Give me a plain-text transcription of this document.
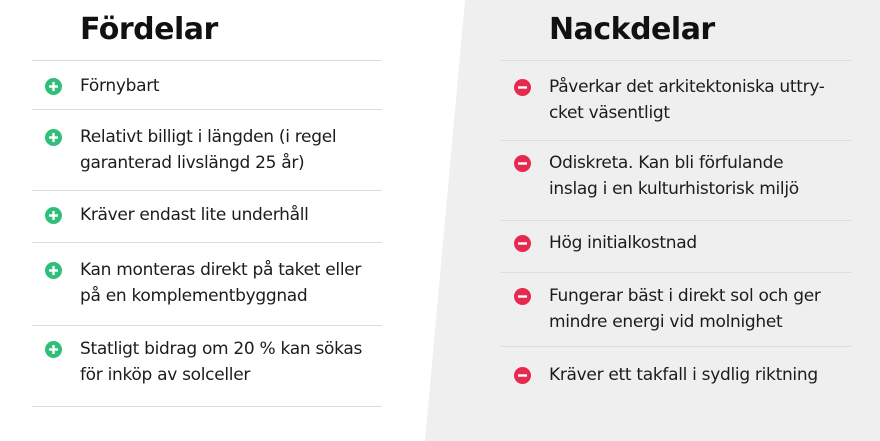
Fördelar
Förnybart
Relativt billigt i längden (i regel
garanterad livslängd 25 år)
Kräver endast lite underhåll
Kan monteras direkt på taket eller
på en komplementbyggnad
Statligt bidrag om 20 % kan sökas
för inköp av solceller
Nackdelar
Påverkar det arkitektoniska uttry-
cket väsentligt
Odiskreta. Kan bli förfulande
inslag i en kulturhistorisk miljö
Hög initialkostnad
Fungerar bäst i direkt sol och ger
mindre energi vid molnighet
Kräver ett takfall i sydlig riktning
